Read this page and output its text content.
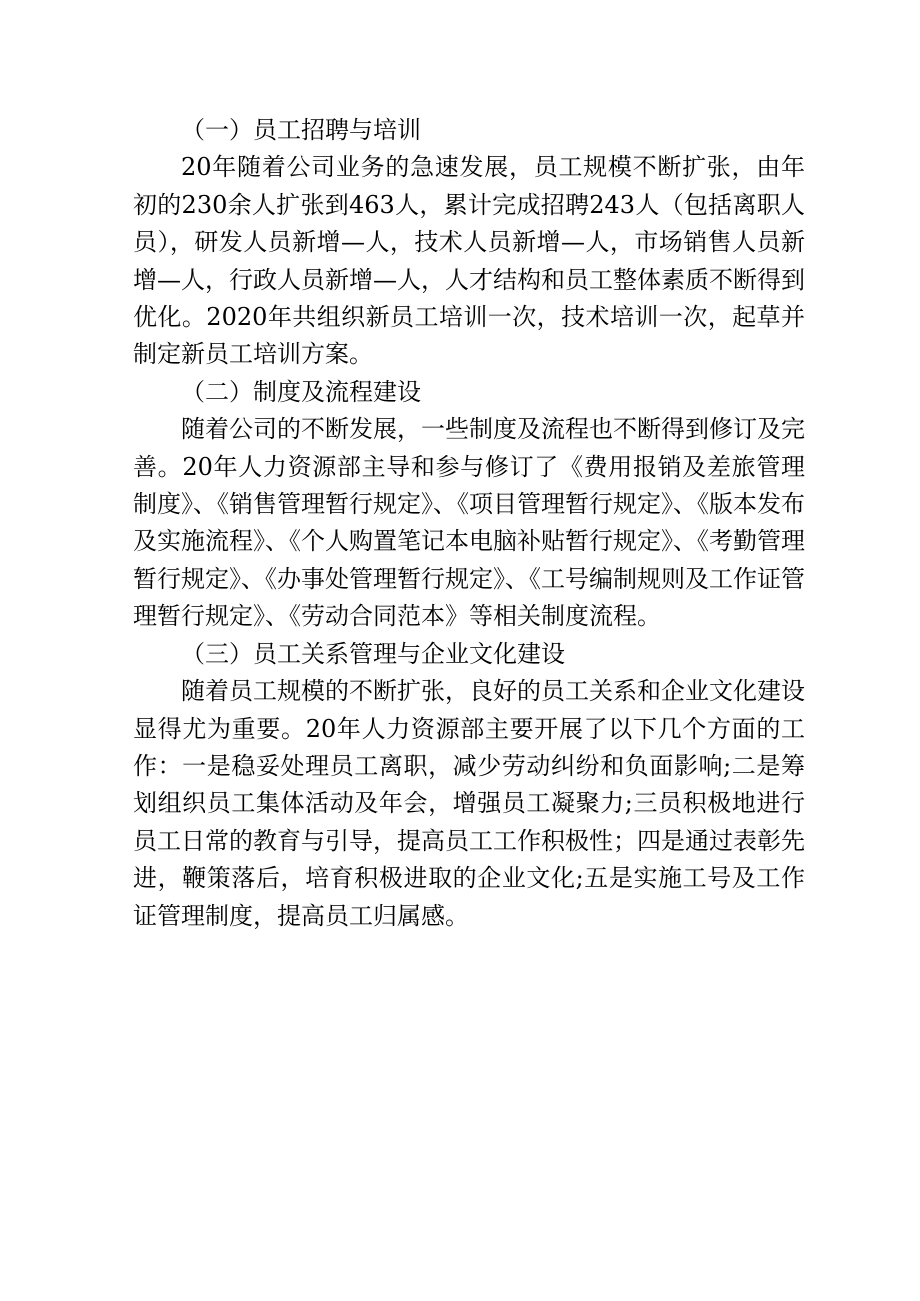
（一）员工招聘与培训

20年随着公司业务的急速发展，员工规模不断扩张，由年初的230余人扩张到463人，累计完成招聘243人（包括离职人员），研发人员新增—人，技术人员新增—人，市场销售人员新增—人，行政人员新增—人，人才结构和员工整体素质不断得到优化。2020年共组织新员工培训一次，技术培训一次，起草并制定新员工培训方案。

（二）制度及流程建设

随着公司的不断发展，一些制度及流程也不断得到修订及完善。20年人力资源部主导和参与修订了《费用报销及差旅管理制度》、《销售管理暂行规定》、《项目管理暂行规定》、《版本发布及实施流程》、《个人购置笔记本电脑补贴暂行规定》、《考勤管理暂行规定》、《办事处管理暂行规定》、《工号编制规则及工作证管理暂行规定》、《劳动合同范本》等相关制度流程。

（三）员工关系管理与企业文化建设

随着员工规模的不断扩张，良好的员工关系和企业文化建设显得尤为重要。20年人力资源部主要开展了以下几个方面的工作：一是稳妥处理员工离职，减少劳动纠纷和负面影响;二是筹划组织员工集体活动及年会，增强员工凝聚力;三员积极地进行员工日常的教育与引导，提高员工工作积极性；四是通过表彰先进，鞭策落后，培育积极进取的企业文化;五是实施工号及工作证管理制度，提高员工归属感。
